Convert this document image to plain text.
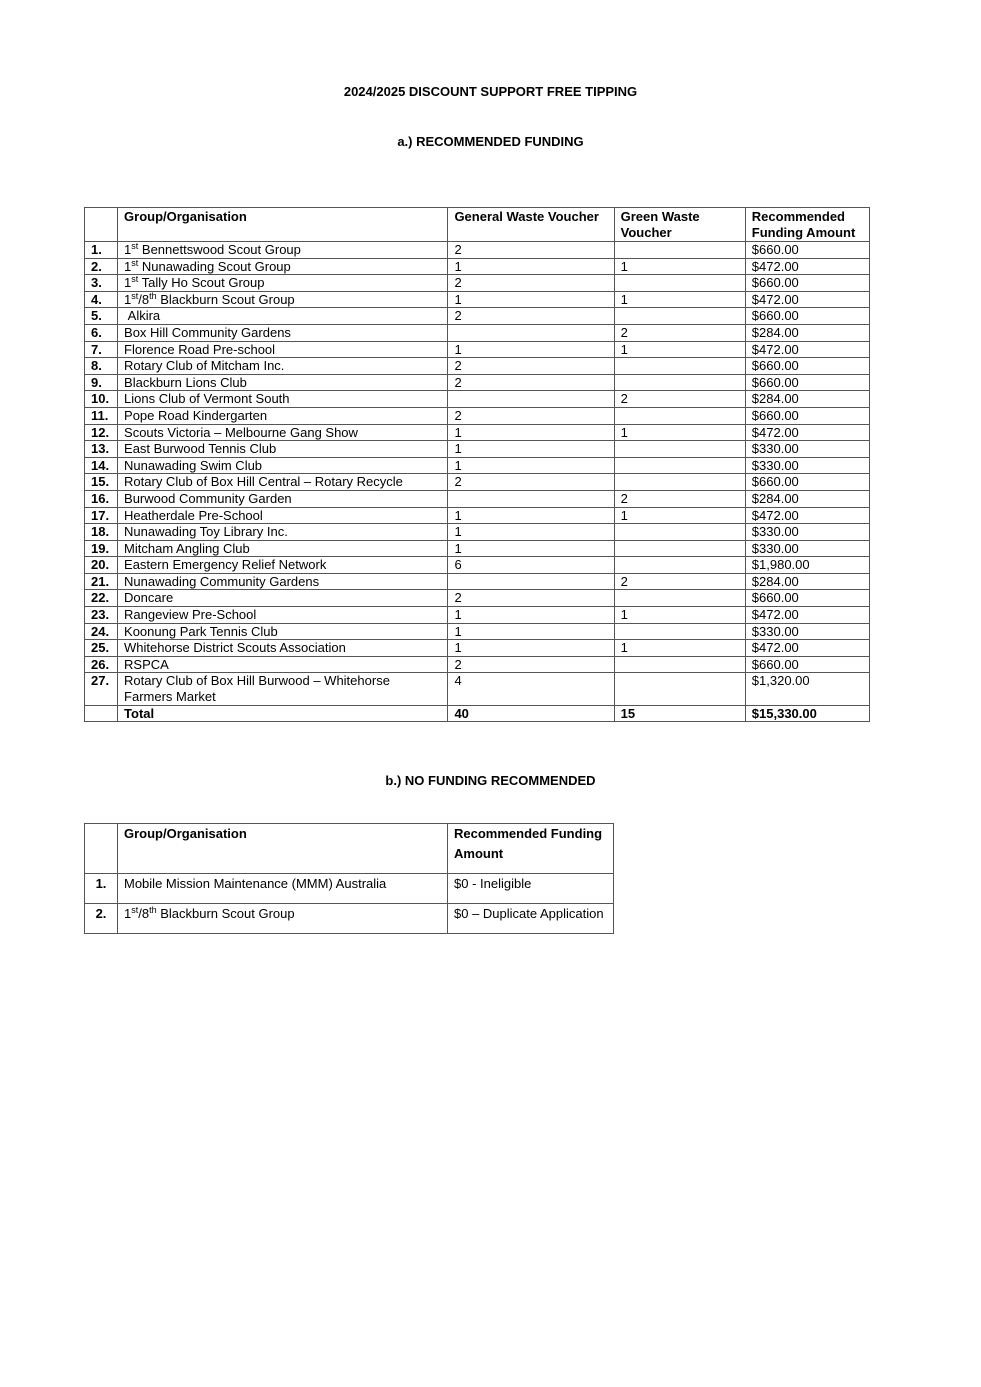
2024/2025 DISCOUNT SUPPORT FREE TIPPING
a.) RECOMMENDED FUNDING
	Group/Organisation	General Waste Voucher	Green Waste Voucher	Recommended Funding Amount
1.	1st Bennettswood Scout Group	2		$660.00
2.	1st Nunawading Scout Group	1	1	$472.00
3.	1st Tally Ho Scout Group	2		$660.00
4.	1st/8th Blackburn Scout Group	1	1	$472.00
5.	Alkira	2		$660.00
6.	Box Hill Community Gardens		2	$284.00
7.	Florence Road Pre-school	1	1	$472.00
8.	Rotary Club of Mitcham Inc.	2		$660.00
9.	Blackburn Lions Club	2		$660.00
10.	Lions Club of Vermont South		2	$284.00
11.	Pope Road Kindergarten	2		$660.00
12.	Scouts Victoria – Melbourne Gang Show	1	1	$472.00
13.	East Burwood Tennis Club	1		$330.00
14.	Nunawading Swim Club	1		$330.00
15.	Rotary Club of Box Hill Central – Rotary Recycle	2		$660.00
16.	Burwood Community Garden		2	$284.00
17.	Heatherdale Pre-School	1	1	$472.00
18.	Nunawading Toy Library Inc.	1		$330.00
19.	Mitcham Angling Club	1		$330.00
20.	Eastern Emergency Relief Network	6		$1,980.00
21.	Nunawading Community Gardens		2	$284.00
22.	Doncare	2		$660.00
23.	Rangeview Pre-School	1	1	$472.00
24.	Koonung Park Tennis Club	1		$330.00
25.	Whitehorse District Scouts Association	1	1	$472.00
26.	RSPCA	2		$660.00
27.	Rotary Club of Box Hill Burwood – Whitehorse Farmers Market	4		$1,320.00
	Total	40	15	$15,330.00
b.) NO FUNDING RECOMMENDED
	Group/Organisation	Recommended Funding Amount
1.	Mobile Mission Maintenance (MMM) Australia	$0 - Ineligible
2.	1st/8th Blackburn Scout Group	$0 – Duplicate Application
